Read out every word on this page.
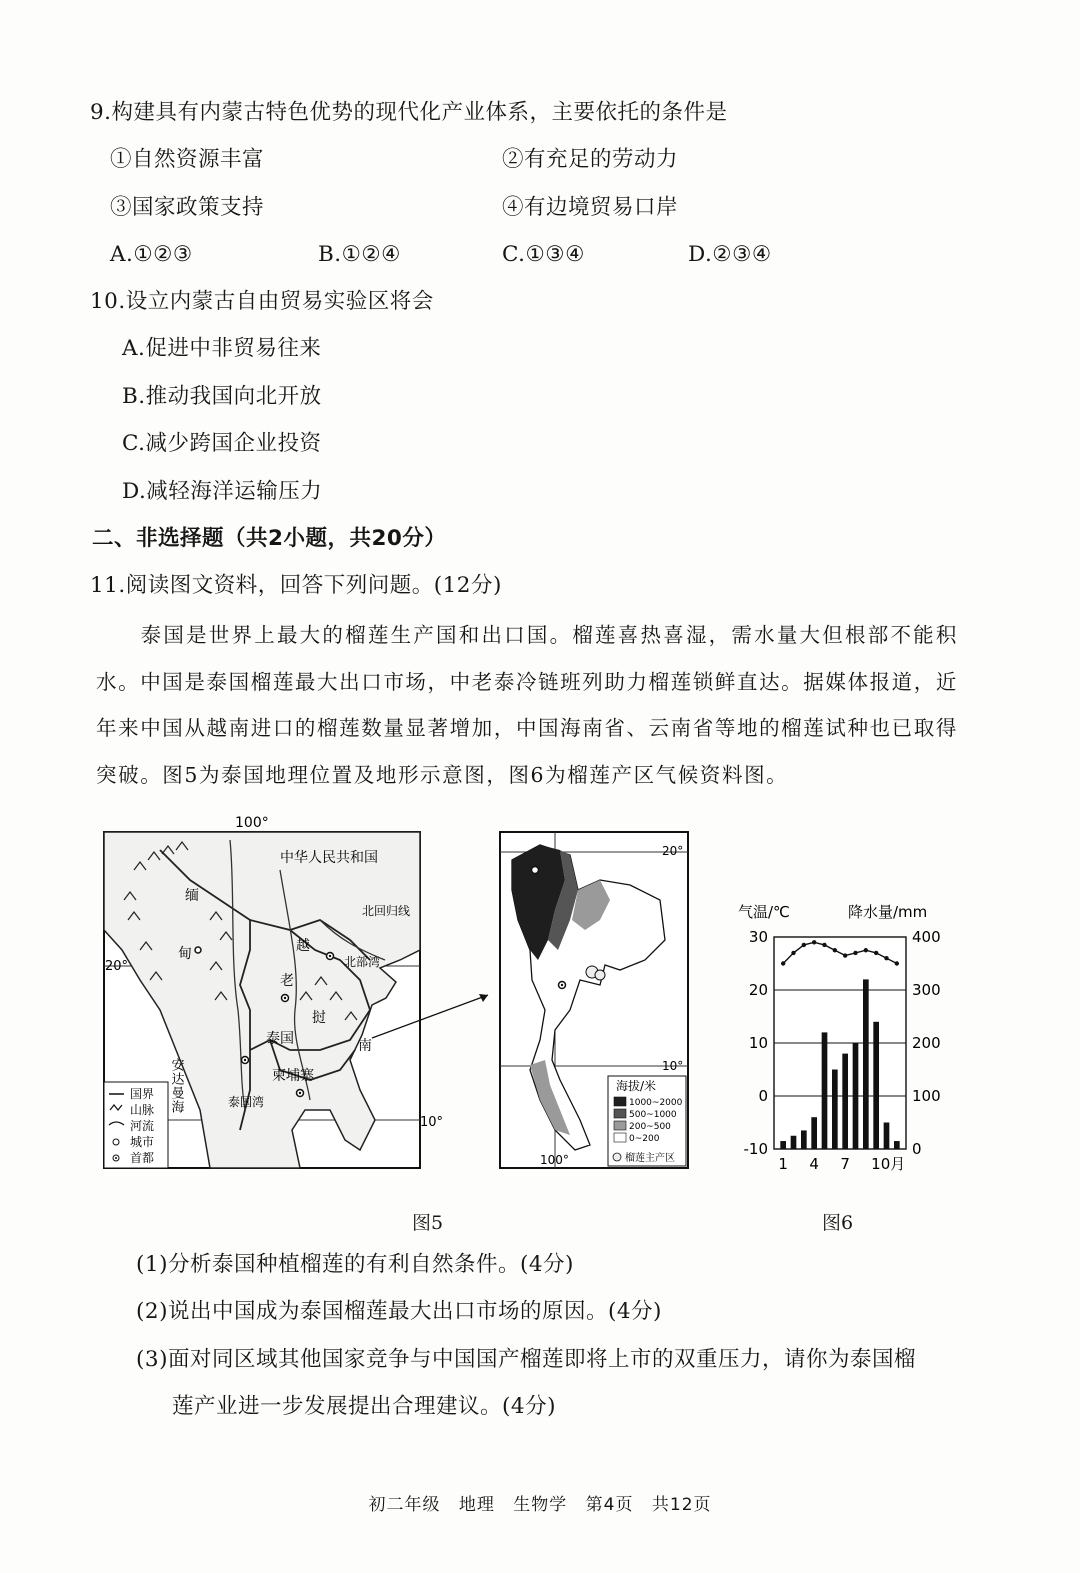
9.构建具有内蒙古特色优势的现代化产业体系，主要依托的条件是
①自然资源丰富	②有充足的劳动力
③国家政策支持	④有边境贸易口岸
A.①②③	B.①②④	C.①③④	D.②③④
10.设立内蒙古自由贸易实验区将会
A.促进中非贸易往来
B.推动我国向北开放
C.减少跨国企业投资
D.减轻海洋运输压力
二、非选择题（共2小题，共20分）
11.阅读图文资料，回答下列问题。(12分)
泰国是世界上最大的榴莲生产国和出口国。榴莲喜热喜湿，需水量大但根部不能积水。中国是泰国榴莲最大出口市场，中老泰冷链班列助力榴莲锁鲜直达。据媒体报道，近年来中国从越南进口的榴莲数量显著增加，中国海南省、云南省等地的榴莲试种也已取得突破。图5为泰国地理位置及地形示意图，图6为榴莲产区气候资料图。
100°
20°
10°
中华人民共和国
缅
甸	越
老
挝
泰国	南
柬埔寨
北回归线
北部湾
安达曼海	泰国湾
国界
山脉
河流
城市
首都
20°
10°
100°
海拔/米
1000~2000
500~1000
200~500
0~200
榴莲主产区
气温/℃	降水量/mm
30
20
10
0
-10
400
300
200
100
0
1 4 7 10月
图5	图6
(1)分析泰国种植榴莲的有利自然条件。(4分)
(2)说出中国成为泰国榴莲最大出口市场的原因。(4分)
(3)面对同区域其他国家竞争与中国国产榴莲即将上市的双重压力，请你为泰国榴
莲产业进一步发展提出合理建议。(4分)
初二年级 地理 生物学 第4页 共12页
